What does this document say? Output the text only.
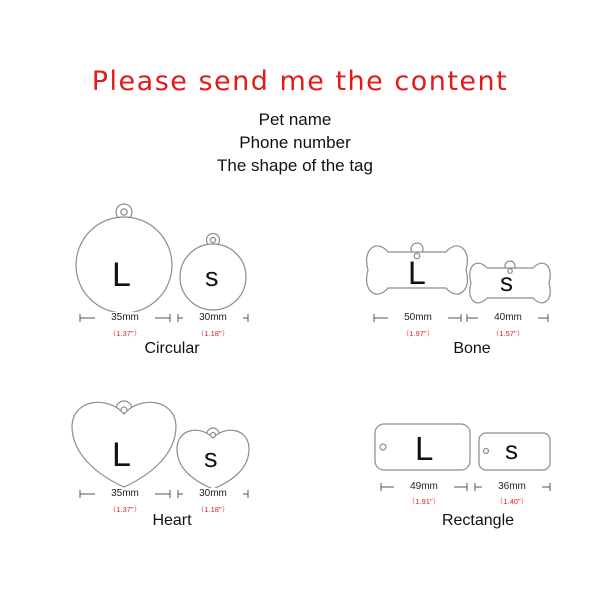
Please send me the content
Pet name
Phone number
The shape of the tag
L	s	L	s
L	s	L	s
35mm
（1.37"）
30mm
（1.18"）
50mm
（1.97"）
40mm
（1.57"）
35mm
（1.37"）
30mm
（1.18"）
49mm
（1.91"）
36mm
（1.40"）
Circular	Bone
Heart	Rectangle
